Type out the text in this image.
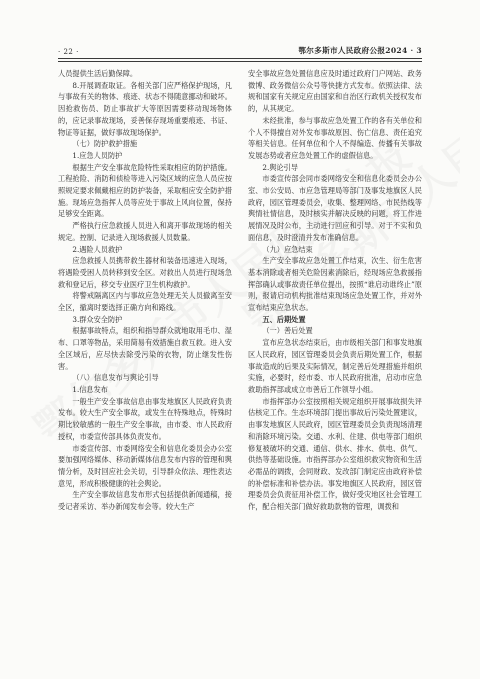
· 22 ·	鄂尔多斯市人民政府公报2024 · 3

人员提供生活后勤保障。

8.开展调查取证。各相关部门应严格保护现场，凡与事故有关的物体、痕迹、状态不得随意挪动和破坏。因抢救伤员、防止事故扩大等原因需要移动现场物体的，应记录事故现场，妥善保存现场重要痕迹、书证、物证等证据，做好事故现场保护。

（七）防护救护措施

1.应急人员防护

根据生产安全事故危险特性采取相应的防护措施。工程抢险、消防和侦检等进入污染区域的应急人员应按照规定要求佩戴相应的防护装备，采取相应安全防护措施。现场应急指挥人员等应处于事故上风向位置，保持足够安全距离。

严格执行应急救援人员进入和离开事故现场的相关规定。控制、记录进入现场救援人员数量。

2.遇险人员救护

应急救援人员携带救生器材和装备迅速进入现场，将遇险受困人员转移到安全区。对救出人员进行现场急救和登记后，移交专业医疗卫生机构救护。

将警戒隔离区内与事故应急处理无关人员撤离至安全区，撤离时要选择正确方向和路线。

3.群众安全防护

根据事故特点，组织和指导群众就地取用毛巾、湿布、口罩等物品，采用简易有效措施自救互救。进入安全区域后，应尽快去除受污染的衣物，防止继发性伤害。

（八）信息发布与舆论引导

1.信息发布

一般生产安全事故信息由事发地旗区人民政府负责发布。较大生产安全事故，或发生在特殊地点，特殊时期比较敏感的一般生产安全事故，由市委、市人民政府授权，市委宣传部具体负责发布。

市委宣传部、市委网络安全和信息化委员会办公室要加强网络媒体、移动新媒体信息发布内容的管理和舆情分析，及时回应社会关切，引导群众依法、理性表达意见，形成积极健康的社会舆论。

生产安全事故信息发布形式包括提供新闻通稿，接受记者采访、举办新闻发布会等。较大生产

安全事故应急处置信息应及时通过政府门户网站、政务微博、政务微信公众号等快捷方式发布。依照法律、法规和国家有关规定应由国家和自治区行政机关授权发布的，从其规定。

未经批准，参与事故应急处置工作的各有关单位和个人不得擅自对外发布事故原因、伤亡信息、责任追究等相关信息。任何单位和个人不得编造、传播有关事故发展态势或者应急处置工作的虚假信息。

2.舆论引导

市委宣传部会同市委网络安全和信息化委员会办公室、市公安局、市应急管理局等部门及事发地旗区人民政府，园区管理委员会，收集、整理网络、市民热线等舆情社情信息，及时核实并解决反映的问题，将工作进展情况及时公布，主动进行回应和引导。对于不实和负面信息，及时澄清并发布准确信息。

（九）应急结束

生产安全事故应急处置工作结束，次生、衍生危害基本消除或者相关危险因素消除后，经现场应急救援指挥部确认或事故责任单位提出，按照“谁启动谁终止”原则，报请启动机构批准结束现场应急处置工作，并对外宣布结束应急状态。

五、后期处置

（一）善后处置

宣布应急状态结束后，由市级相关部门和事发地旗区人民政府，园区管理委员会负责后期处置工作，根据事故造成的后果及实际情况，制定善后处理措施并组织实施，必要时，经市委、市人民政府批准，启动市应急救助指挥部或成立市善后工作领导小组。

市指挥部办公室按照相关规定组织开展事故损失评估核定工作。生态环境部门提出事故后污染处置建议，由事发地旗区人民政府，园区管理委员会负责现场清理和消除环境污染。交通、水利、住建、供电等部门组织修复被破坏的交通、通信、供水、排水、供电、供气、供热等基础设施。市指挥部办公室组织救灾物资和生活必需品的调拨，会同财政、发改部门制定应由政府补偿的补偿标准和补偿办法。事发地旗区人民政府，园区管理委员会负责征用补偿工作，做好受灾地区社会管理工作，配合相关部门做好救助款物的管理，调拨和
